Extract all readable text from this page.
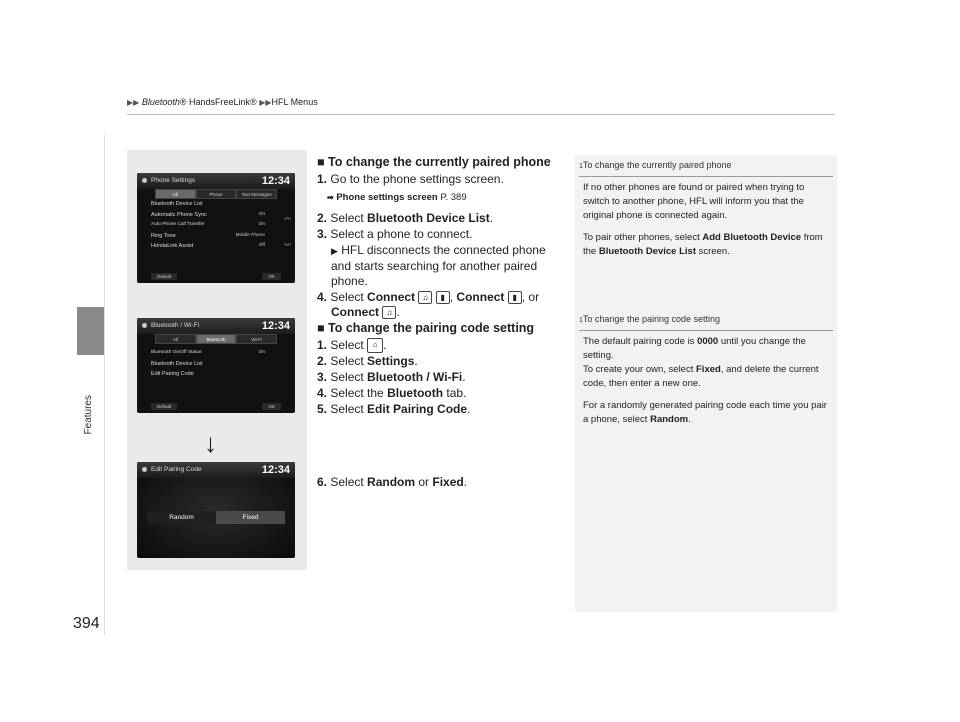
▶▶ Bluetooth® HandsFreeLink® ▶▶HFL Menus
Features
394
Phone Settings	12:34
All	Phone	Text Messages
Bluetooth Device List
Automatic Phone Sync	On
Auto Phone Call Transfer	On
Ring Tone	Mobile Phone
HondaLink Assist	Off
︽
︾
Default	OK
Bluetooth / Wi-Fi	12:34
All	Bluetooth	Wi-Fi
Bluetooth On/Off Status	On
Bluetooth Device List
Edit Pairing Code
Default	OK
Edit Pairing Code	12:34
Random	Fixed
↓
■ To change the currently paired phone
1. Go to the phone settings screen.
➡ Phone settings screen P. 389
2. Select Bluetooth Device List.
3. Select a phone to connect.
▶ HFL disconnects the connected phone and starts searching for another paired phone.
4. Select Connect ♫ ▮ , Connect ▮ , or
Connect ♫ .
■ To change the pairing code setting
1. Select ⌂ .
2. Select Settings.
3. Select Bluetooth / Wi-Fi.
4. Select the Bluetooth tab.
5. Select Edit Pairing Code.
6. Select Random or Fixed.
1To change the currently paired phone

If no other phones are found or paired when trying to switch to another phone, HFL will inform you that the original phone is connected again.

To pair other phones, select Add Bluetooth Device from the Bluetooth Device List screen.

1To change the pairing code setting

The default pairing code is 0000 until you change the setting.

To create your own, select Fixed, and delete the current code, then enter a new one.

For a randomly generated pairing code each time you pair a phone, select Random.
